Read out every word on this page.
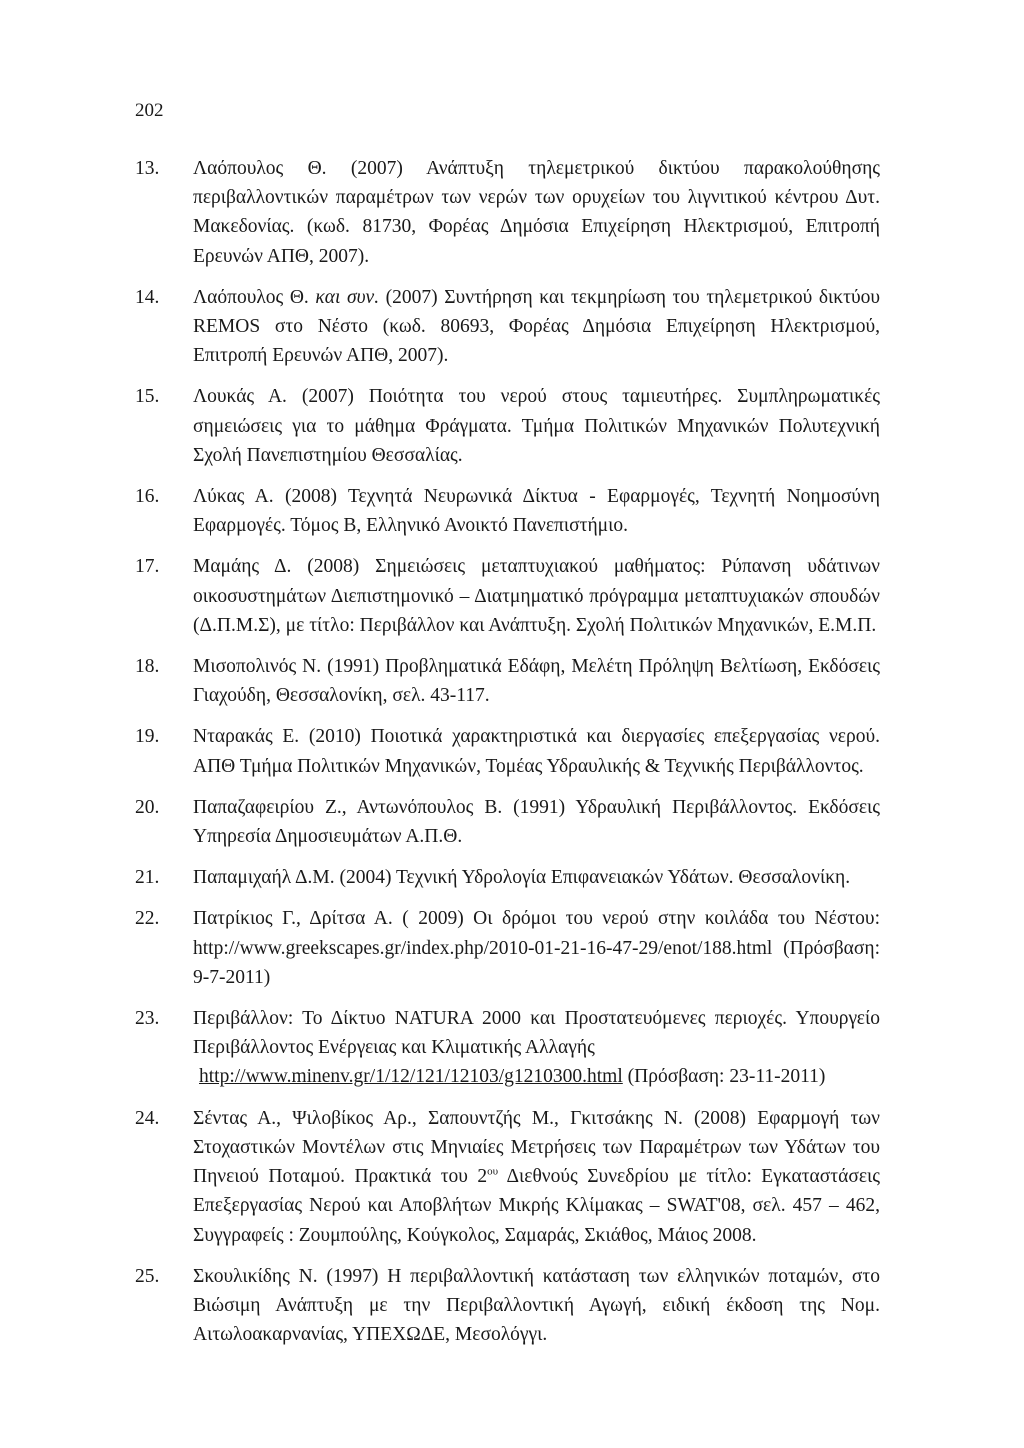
202
13.	Λαόπουλος Θ. (2007) Ανάπτυξη τηλεμετρικού δικτύου παρακολούθησης περιβαλλοντικών παραμέτρων των νερών των ορυχείων του λιγνιτικού κέντρου Δυτ. Μακεδονίας. (κωδ. 81730, Φορέας Δημόσια Επιχείρηση Ηλεκτρισμού, Επιτροπή Ερευνών ΑΠΘ, 2007).
14.	Λαόπουλος Θ. και συν. (2007) Συντήρηση και τεκμηρίωση του τηλεμετρικού δικτύου REMOS στο Νέστο (κωδ. 80693, Φορέας Δημόσια Επιχείρηση Ηλεκτρισμού, Επιτροπή Ερευνών ΑΠΘ, 2007).
15.	Λουκάς Α. (2007) Ποιότητα του νερού στους ταμιευτήρες. Συμπληρωματικές σημειώσεις για το μάθημα Φράγματα. Τμήμα Πολιτικών Μηχανικών Πολυτεχνική Σχολή Πανεπιστημίου Θεσσαλίας.
16.	Λύκας Α. (2008) Τεχνητά Νευρωνικά Δίκτυα - Εφαρμογές, Τεχνητή Νοημοσύνη Εφαρμογές. Τόμος Β, Ελληνικό Ανοικτό Πανεπιστήμιο.
17.	Μαμάης Δ. (2008) Σημειώσεις μεταπτυχιακού μαθήματος: Ρύπανση υδάτινων οικοσυστημάτων Διεπιστημονικό – Διατμηματικό πρόγραμμα μεταπτυχιακών σπουδών (Δ.Π.Μ.Σ), με τίτλο: Περιβάλλον και Ανάπτυξη. Σχολή Πολιτικών Μηχανικών, Ε.Μ.Π.
18.	Μισοπολινός Ν. (1991) Προβληματικά Εδάφη, Μελέτη Πρόληψη Βελτίωση, Εκδόσεις Γιαχούδη, Θεσσαλονίκη, σελ. 43-117.
19.	Νταρακάς Ε. (2010) Ποιοτικά χαρακτηριστικά και διεργασίες επεξεργασίας νερού. ΑΠΘ Τμήμα Πολιτικών Μηχανικών, Τομέας Υδραυλικής & Τεχνικής Περιβάλλοντος.
20.	Παπαζαφειρίου Ζ., Αντωνόπουλος Β. (1991) Υδραυλική Περιβάλλοντος. Εκδόσεις Υπηρεσία Δημοσιευμάτων Α.Π.Θ.
21.	Παπαμιχαήλ Δ.Μ. (2004) Τεχνική Υδρολογία Επιφανειακών Υδάτων. Θεσσαλονίκη.
22.	Πατρίκιος Γ., Δρίτσα Α. ( 2009) Οι δρόμοι του νερού στην κοιλάδα του Νέστου: http://www.greekscapes.gr/index.php/2010-01-21-16-47-29/enot/188.html (Πρόσβαση: 9-7-2011)
23.	Περιβάλλον: Το Δίκτυο NATURA 2000 και Προστατευόμενες περιοχές. Υπουργείο Περιβάλλοντος Ενέργειας και Κλιματικής Αλλαγής
http://www.minenv.gr/1/12/121/12103/g1210300.html (Πρόσβαση: 23-11-2011)
24.	Σέντας Α., Ψιλοβίκος Αρ., Σαπουντζής Μ., Γκιτσάκης Ν. (2008) Εφαρμογή των Στοχαστικών Μοντέλων στις Μηνιαίες Μετρήσεις των Παραμέτρων των Υδάτων του Πηνειού Ποταμού. Πρακτικά του $2^{o\upsilon}$ Διεθνούς Συνεδρίου με τίτλο: Εγκαταστάσεις Επεξεργασίας Νερού και Αποβλήτων Μικρής Κλίμακας – SWAT'08, σελ. 457 – 462, Συγγραφείς : Ζουμπούλης, Κούγκολος, Σαμαράς, Σκιάθος, Μάιος 2008.
25.	Σκουλικίδης Ν. (1997) Η περιβαλλοντική κατάσταση των ελληνικών ποταμών, στο Βιώσιμη Ανάπτυξη με την Περιβαλλοντική Αγωγή, ειδική έκδοση της Νομ. Αιτωλοακαρνανίας, ΥΠΕΧΩΔΕ, Μεσολόγγι.
